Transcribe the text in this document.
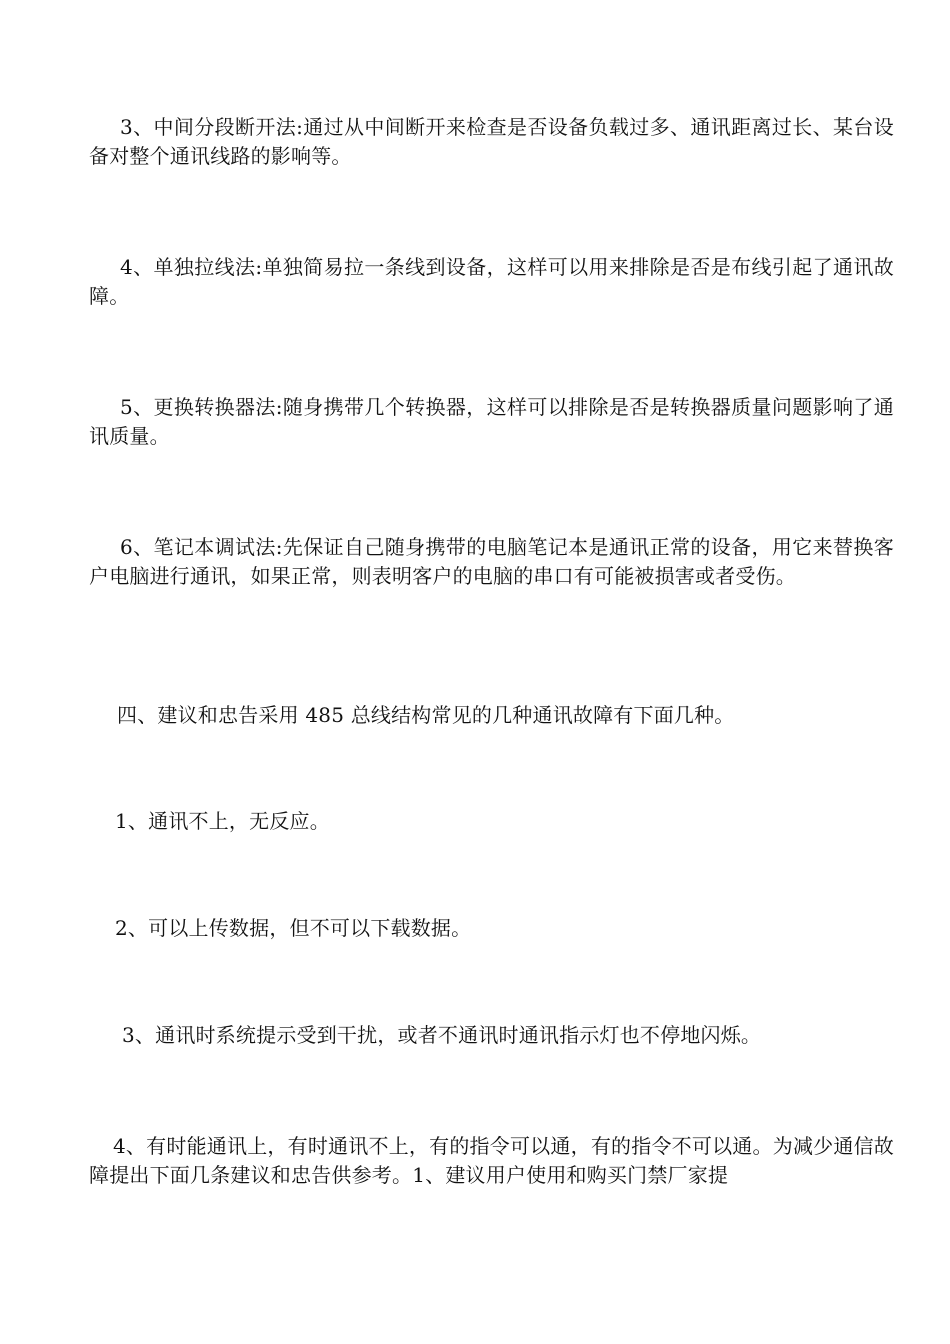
3、中间分段断开法:通过从中间断开来检查是否设备负载过多、通讯距离过长、某台设备对整个通讯线路的影响等。

4、单独拉线法:单独简易拉一条线到设备，这样可以用来排除是否是布线引起了通讯故障。

5、更换转换器法:随身携带几个转换器，这样可以排除是否是转换器质量问题影响了通讯质量。

6、笔记本调试法:先保证自己随身携带的电脑笔记本是通讯正常的设备，用它来替换客户电脑进行通讯，如果正常，则表明客户的电脑的串口有可能被损害或者受伤。

四、建议和忠告采用 485 总线结构常见的几种通讯故障有下面几种。

1、通讯不上，无反应。

2、可以上传数据，但不可以下载数据。

3、通讯时系统提示受到干扰，或者不通讯时通讯指示灯也不停地闪烁。

4、有时能通讯上，有时通讯不上，有的指令可以通，有的指令不可以通。为减少通信故障提出下面几条建议和忠告供参考。1、建议用户使用和购买门禁厂家提
